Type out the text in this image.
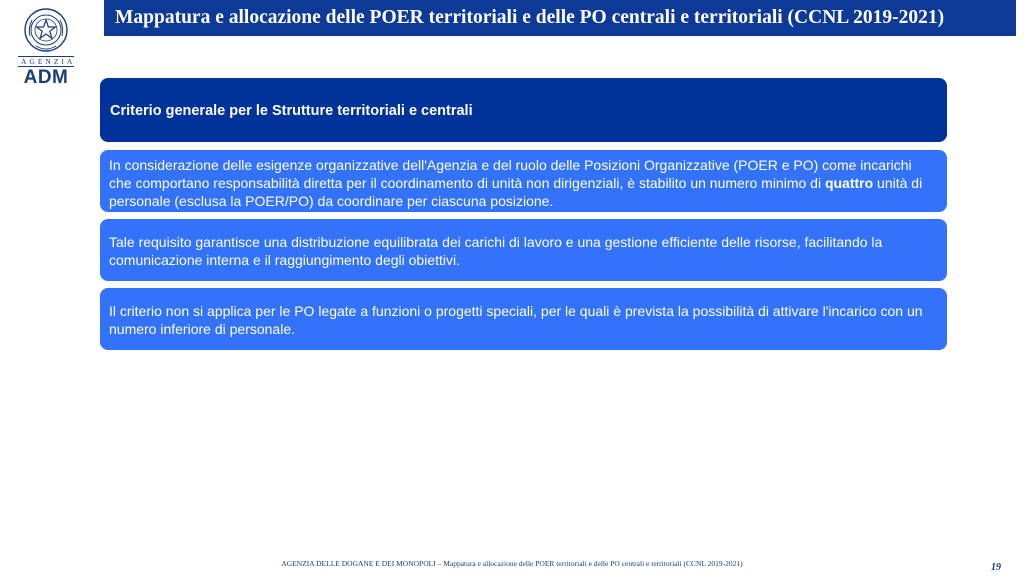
AGENZIA
ADM
Mappatura e allocazione delle POER territoriali e delle PO centrali e territoriali (CCNL 2019-2021)
Criterio generale per le Strutture territoriali e centrali
In considerazione delle esigenze organizzative dell'Agenzia e del ruolo delle Posizioni Organizzative (POER e PO) come incarichi che comportano responsabilità diretta per il coordinamento di unità non dirigenziali, è stabilito un numero minimo di quattro unità di personale (esclusa la POER/PO) da coordinare per ciascuna posizione.
Tale requisito garantisce una distribuzione equilibrata dei carichi di lavoro e una gestione efficiente delle risorse, facilitando la comunicazione interna e il raggiungimento degli obiettivi.
Il criterio non si applica per le PO legate a funzioni o progetti speciali, per le quali è prevista la possibilità di attivare l'incarico con un numero inferiore di personale.
AGENZIA DELLE DOGANE E DEI MONOPOLI – Mappatura e allocazione delle POER territoriali e delle PO centrali e territoriali (CCNL 2019-2021)	19
